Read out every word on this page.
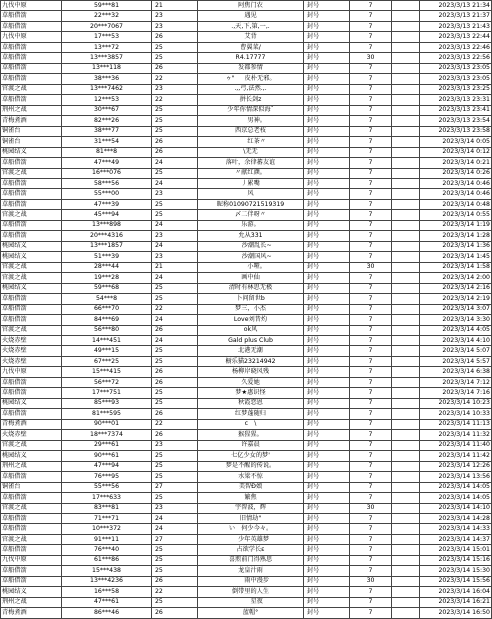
九伐中原	59***81	21	阿焦门农	封号	7		2023/3/13 21:34
草船借箭	22***32	23	遇见	封号	7		2023/3/13 21:37
草船借箭	20***7067	23	.,天,下,第,一,.	封号	7		2023/3/13 21:43
九伐中原	17***53	26	艾背	封号	7		2023/3/13 22:44
草船借箭	13***72	25	曹翼菜/	封号	7		2023/3/13 22:46
草船借箭	13***3857	25	R4.17777	封号	30		2023/3/13 22:56
草船借箭	13***118	26	发都参情	封号	7		2023/3/13 23:05
草船借箭	38***36	22	ゥ" 　 皮朴无邪。	封号	7		2023/3/13 23:05
官渡之战	13***7462	23	.,,弓,法然.,.	封号	7		2023/3/13 23:25
草船借箭	12***53	22	拼长剑z	封号	7		2023/3/13 23:31
荆州之战	30***67	25	少年你情深似海ˇ	封号	7		2023/3/13 23:41
青梅煮酒	82***26	25	　　男神。	封号	7		2023/3/13 23:54
铜雀台	38***77	25	西京总老枝	封号	7		2023/3/13 23:58
铜雀台	31***54	26	　　红茶〃	封号	7		2023/3/14 0:05
桃园结义	81***8	26	\无无	封号	7		2023/3/14 0:12
草船借箭	47***49	24	落叶，余律蕃友谊	封号	7		2023/3/14 0:21
官渡之战	16***076	25	〃献红颜。	封号	7		2023/3/14 0:26
草船借箭	58***56	24	丿累嘴	封号	7		2023/3/14 0:46
草船借箭	55***00	23	风	封号	7		2023/3/14 0:46
草船借箭	47***39	25	昵称01090721519319	封号	7		2023/3/14 0:48
官渡之战	45***94	25	〆二伴呀〃	封号	7		2023/3/14 0:55
草船借箭	13***898	24	乐游。	封号	7		2023/3/14 1:19
草船借箭	20***4316	23	允从331	封号	7		2023/3/14 1:28
桃园结义	13***1857	24	　　沙潮乱长~	封号	7		2023/3/14 1:36
桃园结义	51***39	23	　　沙潮国风~	封号	7		2023/3/14 1:45
官渡之战	28***44	21	　　小哑。	封号	30		2023/3/14 1:58
官渡之战	19***28	24	画中仙	封号	7		2023/3/14 2:00
桃园结义	59***68	25	清时有林思无极	封号	7		2023/3/14 2:16
草船借箭	54***8	25	卜问留世b	封号	7		2023/3/14 2:19
草船借箭	66***70	22	梦三，小杰	封号	7		2023/3/14 3:07
草船借箭	84***69	24	Love刘昔灼	封号	7		2023/3/14 3:30
官渡之战	56***80	26	ok风	封号	7		2023/3/14 4:05
火烧赤壁	14***451	24	Gald plus Club	封号	7		2023/3/14 4:10
火烧赤壁	49***15	25	北港无潮	封号	7		2023/3/14 5:07
火烧赤壁	67***25	25	橱乐猫23214942	封号	7		2023/3/14 5:57
九伐中原	15***415	26	杨柳岸晓风残	封号	7		2023/3/14 6:38
草船借箭	56***72	26	久爱她	封号	7		2023/3/14 7:12
草船借箭	17***751	25	梦★惠识怪	封号	7		2023/3/14 7:16
桃园结义	85***93	25	秋霞恋恩	封号	7		2023/3/14 10:23
草船借箭	81***595	26	红梦蓬随归	封号	7		2023/3/14 10:33
青梅煮酒	90***01	22	c　\	封号	7		2023/3/14 11:13
火烧赤壁	18***7374	26	猴猩猩。	封号	7		2023/3/14 11:32
官渡之战	29***61	23	许嘉晨	封号	7		2023/3/14 11:40
桃园结义	90***61	25	七亿少女的梦'	封号	7		2023/3/14 11:42
荆州之战	47***94	25	梦是不醒的传说。	封号	7		2023/3/14 12:26
草船借箭	76***95	25	水梁不惊	封号	7		2023/3/14 13:56
铜雀台	55***56	27	美智Ð娘	封号	7		2023/3/14 14:05
草船借箭	17***633	25	繁焦	封号	7		2023/3/14 14:05
官渡之战	83***81	23	宇智波，辉	封号	30		2023/3/14 14:10
草船借箭	71***71	24	旧情劫"	封号	7		2023/3/14 14:28
草船借箭	10***372	24	い　何少今々。	封号	7		2023/3/14 14:33
官渡之战	91***11	27	　少年英雄梦	封号	7		2023/3/14 14:37
草船借箭	76***40	25	占欲学长ε	封号	7		2023/3/14 15:01
九伐中原	61***86	25	喜煎前门得熟思	封号	7		2023/3/14 15:16
草船借箭	15***438	25	龙皇汁雨	封号	7		2023/3/14 15:30
草船借箭	13***4236	26	　　雨中漫步	封号	30		2023/3/14 15:56
桃园结义	16***58	22	倒带里的人生	封号	7		2023/3/14 16:04
荆州之战	47***61	25	　　星夜	封号	7		2023/3/14 16:21
青梅煮酒	86***46	26	蓝帽°	封号	7		2023/3/14 16:50
